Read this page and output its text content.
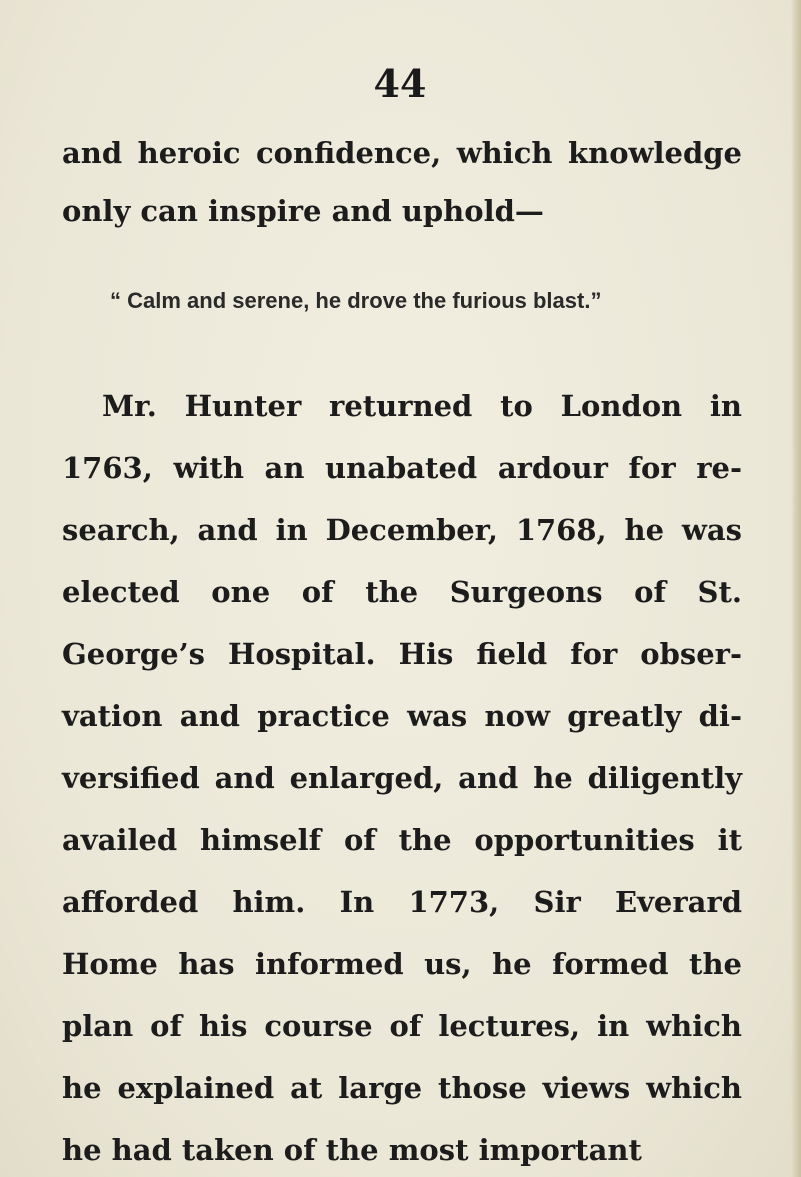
44
and heroic confidence, which knowledge
only can inspire and uphold—
“ Calm and serene, he drove the furious blast.”
Mr. Hunter returned to London in
1763, with an unabated ardour for re-
search, and in December, 1768, he was
elected one of the Surgeons of St.
George’s Hospital. His field for obser-
vation and practice was now greatly di-
versified and enlarged, and he diligently
availed himself of the opportunities it
afforded him. In 1773, Sir Everard
Home has informed us, he formed the
plan of his course of lectures, in which
he explained at large those views which
he had taken of the most important
